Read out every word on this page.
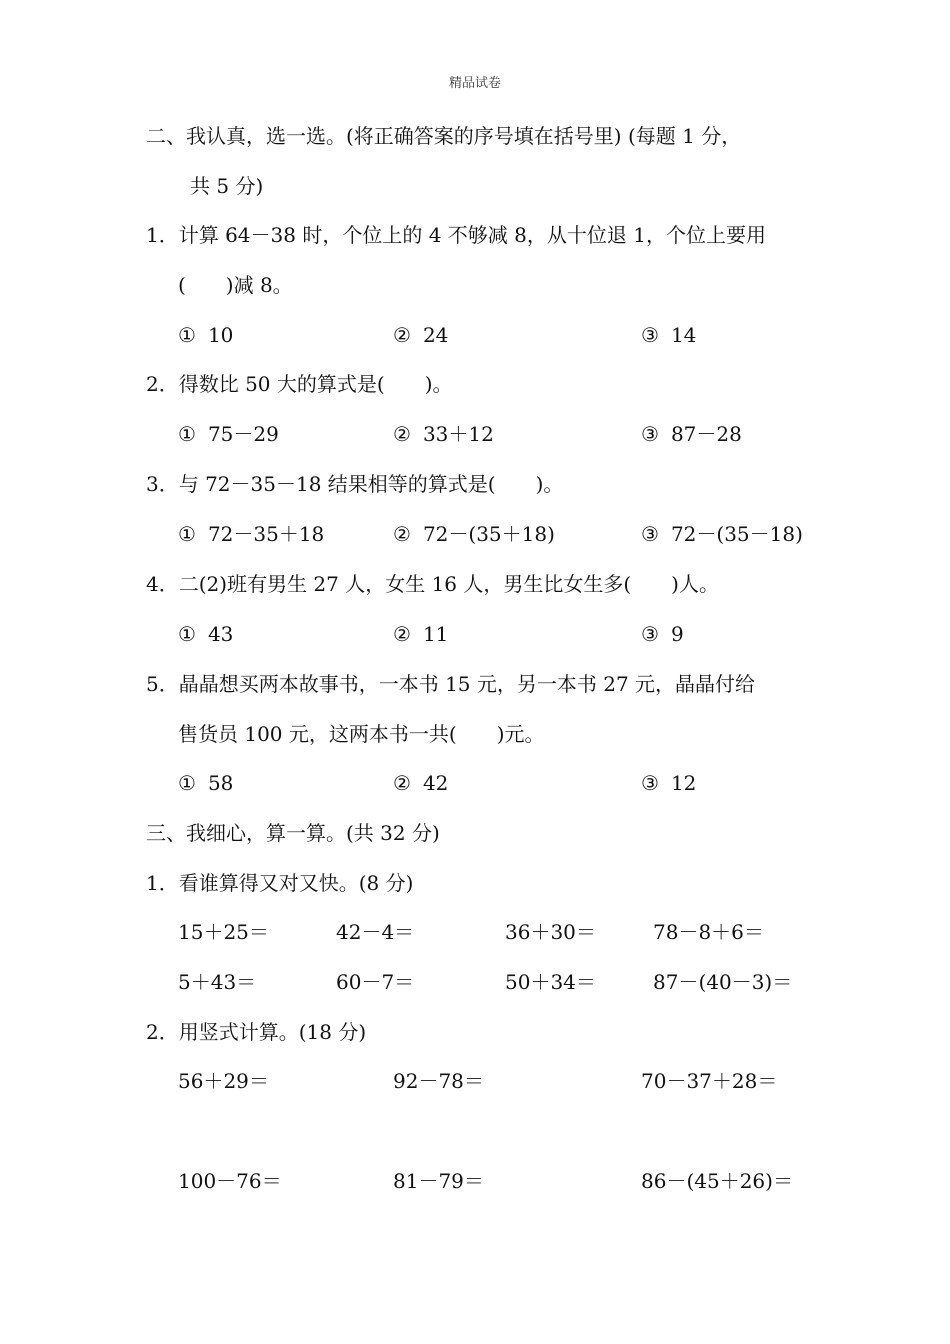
精品试卷
二、我认真，选一选。(将正确答案的序号填在括号里) (每题 1 分，
共 5 分)
1．计算 64－38 时，个位上的 4 不够减 8，从十位退 1，个位上要用
(　　)减 8。
① 10	② 24	③ 14
2．得数比 50 大的算式是(　　)。
① 75－29	② 33＋12	③ 87－28
3．与 72－35－18 结果相等的算式是(　　)。
① 72－35＋18	② 72－(35＋18)	③ 72－(35－18)
4．二(2)班有男生 27 人，女生 16 人，男生比女生多(　　)人。
① 43	② 11	③ 9
5．晶晶想买两本故事书，一本书 15 元，另一本书 27 元，晶晶付给
售货员 100 元，这两本书一共(　　)元。
① 58	② 42	③ 12
三、我细心，算一算。(共 32 分)
1．看谁算得又对又快。(8 分)
15＋25＝	42－4＝	36＋30＝	78－8＋6＝
5＋43＝	60－7＝	50＋34＝	87－(40－3)＝
2．用竖式计算。(18 分)
56＋29＝	92－78＝	70－37＋28＝
100－76＝	81－79＝	86－(45＋26)＝
